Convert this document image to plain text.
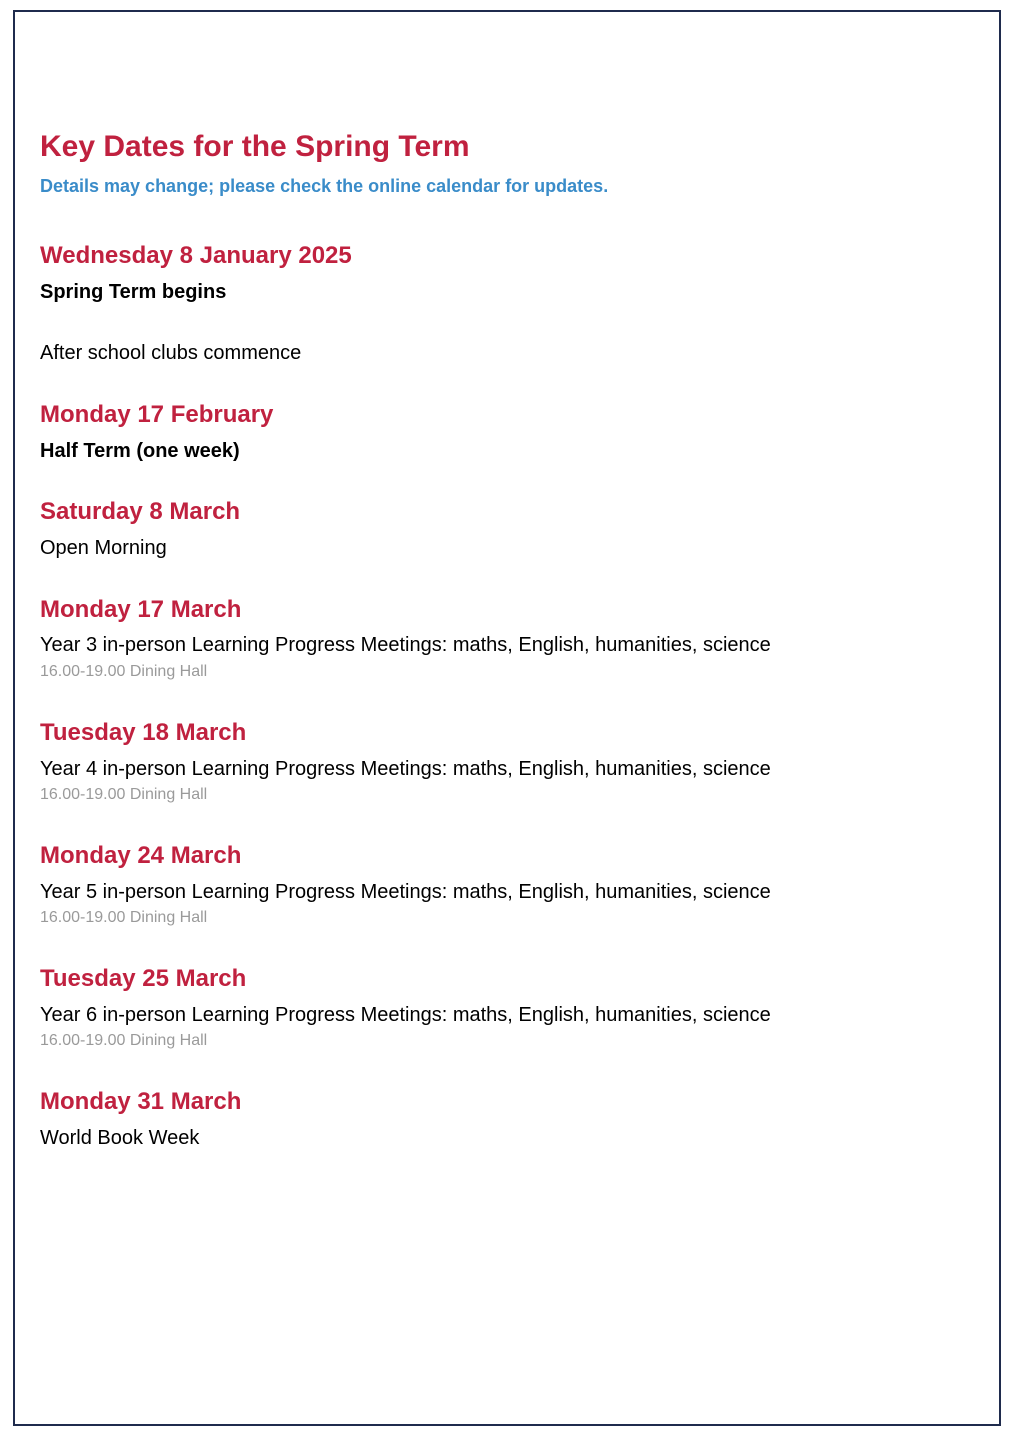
Key Dates for the Spring Term
Details may change; please check the online calendar for updates.
Wednesday 8 January 2025
Spring Term begins
After school clubs commence
Monday 17 February
Half Term (one week)
Saturday 8 March
Open Morning
Monday 17 March
Year 3 in-person Learning Progress Meetings: maths, English, humanities, science
16.00-19.00 Dining Hall
Tuesday 18 March
Year 4 in-person Learning Progress Meetings: maths, English, humanities, science
16.00-19.00 Dining Hall
Monday 24 March
Year 5 in-person Learning Progress Meetings: maths, English, humanities, science
16.00-19.00 Dining Hall
Tuesday 25 March
Year 6 in-person Learning Progress Meetings: maths, English, humanities, science
16.00-19.00 Dining Hall
Monday 31 March
World Book Week
